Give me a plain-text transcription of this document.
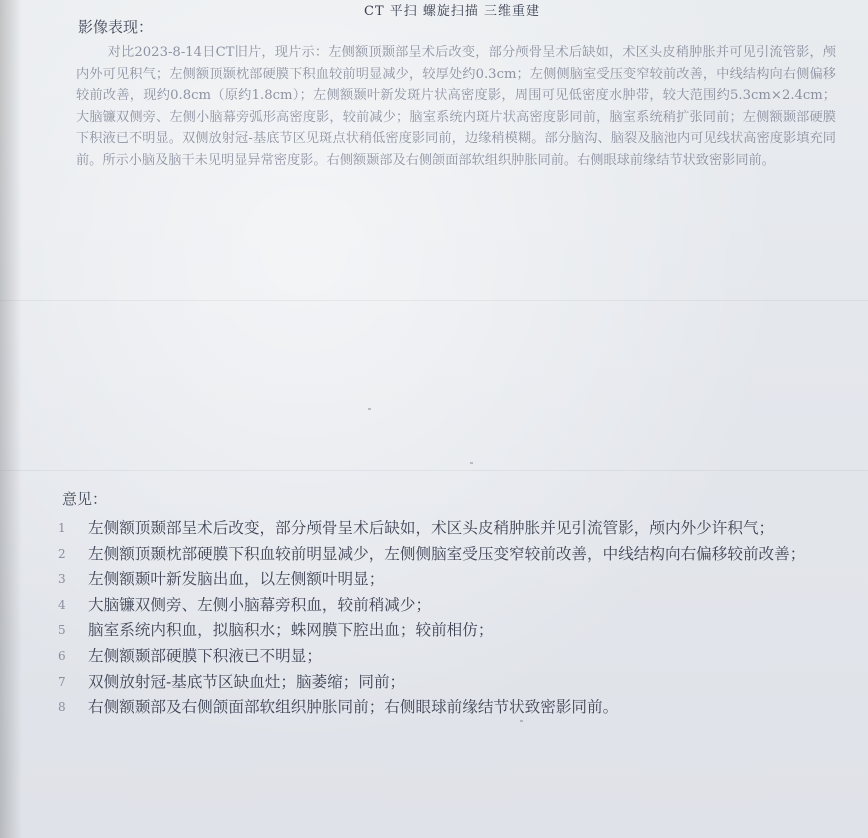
CT 平扫 螺旋扫描 三维重建
影像表现：

对比2023-8-14日CT旧片，现片示：左侧额顶颞部呈术后改变，部分颅骨呈术后缺如，术区头皮稍肿胀并可见引流管影，颅内外可见积气；左侧额顶颞枕部硬膜下积血较前明显减少，较厚处约0.3cm；左侧侧脑室受压变窄较前改善，中线结构向右侧偏移较前改善，现约0.8cm（原约1.8cm）；左侧额颞叶新发斑片状高密度影，周围可见低密度水肿带，较大范围约5.3cm×2.4cm；大脑镰双侧旁、左侧小脑幕旁弧形高密度影，较前减少；脑室系统内斑片状高密度影同前，脑室系统稍扩张同前；左侧额颞部硬膜下积液已不明显。双侧放射冠-基底节区见斑点状稍低密度影同前，边缘稍模糊。部分脑沟、脑裂及脑池内可见线状高密度影填充同前。所示小脑及脑干未见明显异常密度影。右侧额颞部及右侧颌面部软组织肿胀同前。右侧眼球前缘结节状致密影同前。

意见：
1	左侧额顶颞部呈术后改变，部分颅骨呈术后缺如，术区头皮稍肿胀并见引流管影，颅内外少许积气；
2	左侧额顶颞枕部硬膜下积血较前明显减少，左侧侧脑室受压变窄较前改善，中线结构向右偏移较前改善；
3	左侧额颞叶新发脑出血，以左侧额叶明显；
4	大脑镰双侧旁、左侧小脑幕旁积血，较前稍减少；
5	脑室系统内积血，拟脑积水；蛛网膜下腔出血；较前相仿；
6	左侧额颞部硬膜下积液已不明显；
7	双侧放射冠-基底节区缺血灶；脑萎缩；同前；
8	右侧额颞部及右侧颌面部软组织肿胀同前；右侧眼球前缘结节状致密影同前。
